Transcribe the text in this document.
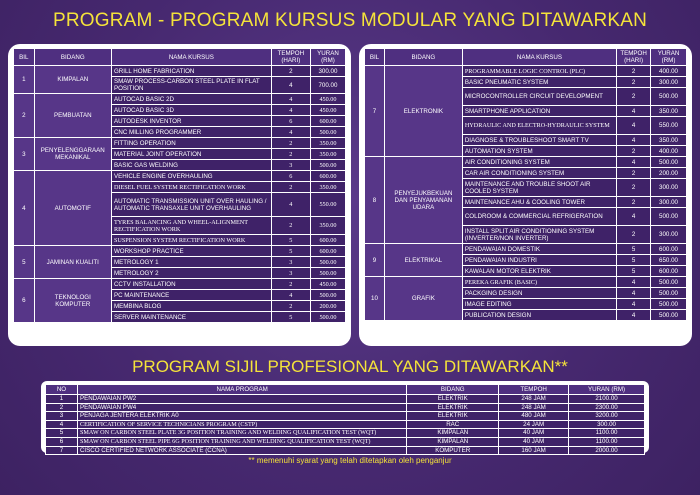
PROGRAM - PROGRAM KURSUS MODULAR YANG DITAWARKAN
BIL	BIDANG	NAMA KURSUS	TEMPOH (HARI)	YURAN (RM)
1	KIMPALAN	GRILL HOME FABRICATION	2	300.00
		SMAW PROCESS-CARBON STEEL PLATE IN FLAT POSITION	4	700.00
2	PEMBUATAN	AUTOCAD BASIC 2D	4	450.00
		AUTOCAD BASIC 3D	4	450.00
		AUTODESK INVENTOR	6	600.00
		CNC MILLING PROGRAMMER	4	500.00
3	PENYELENGGARAAN MEKANIKAL	FITTING OPERATION	2	350.00
		MATERIAL JOINT OPERATION	2	350.00
		BASIC GAS WELDING	3	500.00
4	AUTOMOTIF	VEHICLE ENGINE OVERHAULING	6	600.00
		DIESEL FUEL SYSTEM RECTIFICATION WORK	2	350.00
		AUTOMATIC TRANSMISSION UNIT OVER HAULING / AUTOMATIC TRANSAXLE UNIT OVERHAULING	4	550.00
		TYRES BALANCING AND WHEEL-ALIGNMENT RECTIFICATION WORK	2	350.00
		SUSPENSION SYSTEM RECTIFICATION WORK	5	600.00
5	JAMINAN KUALITI	WORKSHOP PRACTICE	5	600.00
		METROLOGY 1	3	500.00
		METROLOGY 2	3	500.00
6	TEKNOLOGI KOMPUTER	CCTV INSTALLATION	2	450.00
		PC MAINTENANCE	4	500.00
		MEMBINA BLOG	2	200.00
		SERVER MAINTENANCE	5	500.00
BIL	BIDANG	NAMA KURSUS	TEMPOH (HARI)	YURAN (RM)
7	ELEKTRONIK	PROGRAMMABLE LOGIC CONTROL (PLC)	2	400.00
		BASIC PNEUMATIC SYSTEM	2	300.00
		MICROCONTROLLER CIRCUIT DEVELOPMENT	2	500.00
		SMARTPHONE APPLICATION	4	350.00
		HYDRAULIC AND ELECTRO-HYDRAULIC SYSTEM	4	550.00
		DIAGNOSE & TROUBLESHOOT SMART TV	4	350.00
		AUTOMATION SYSTEM	2	400.00
8	PENYEJUKBEKUAN DAN PENYAMANAN UDARA	AIR CONDITIONING SYSTEM	4	500.00
		CAR AIR CONDITIONING SYSTEM	2	200.00
		MAINTENANCE AND TROUBLE SHOOT AIR COOLED SYSTEM	2	300.00
		MAINTENANCE AHU & COOLING TOWER	2	300.00
		COLDROOM & COMMERCIAL REFRIGERATION	4	500.00
		INSTALL SPLIT AIR CONDITIONING SYSTEM (INVERTER/NON INVERTER)	2	300.00
9	ELEKTRIKAL	PENDAWAIAN DOMESTIK	5	600.00
		PENDAWAIAN INDUSTRI	5	650.00
		KAWALAN MOTOR ELEKTRIK	5	600.00
10	GRAFIK	PEREKA GRAFIK (BASIC)	4	500.00
		PACKGING DESIGN	4	500.00
		IMAGE EDITING	4	500.00
		PUBLICATION DESIGN	4	500.00
PROGRAM SIJIL PROFESIONAL YANG DITAWARKAN**
NO	NAMA PROGRAM	BIDANG	TEMPOH	YURAN (RM)
1	PENDAWAIAN PW2	ELEKTRIK	248 JAM	2100.00
2	PENDAWAIAN PW4	ELEKTRIK	248 JAM	2300.00
3	PENJAGA JENTERA ELEKTRIK A0	ELEKTRIK	480 JAM	3200.00
4	CERTIFICATION OF SERVICE TECHNICIANS PROGRAM (CSTP)	RAC	24 JAM	300.00
5	SMAW ON CARBON STEEL PLATE 3G POSITION TRAINING AND WELDING QUALIFICATION TEST (WQT)	KIMPALAN	40 JAM	1100.00
6	SMAW ON CARBON STEEL PIPE 6G POSITION TRAINING AND WELDING QUALIFICATION TEST (WQT)	KIMPALAN	40 JAM	1100.00
7	CISCO CERTIFIED NETWORK ASSOCIATE (CCNA)	KOMPUTER	160 JAM	2000.00
** memenuhi syarat yang telah ditetapkan oleh penganjur
